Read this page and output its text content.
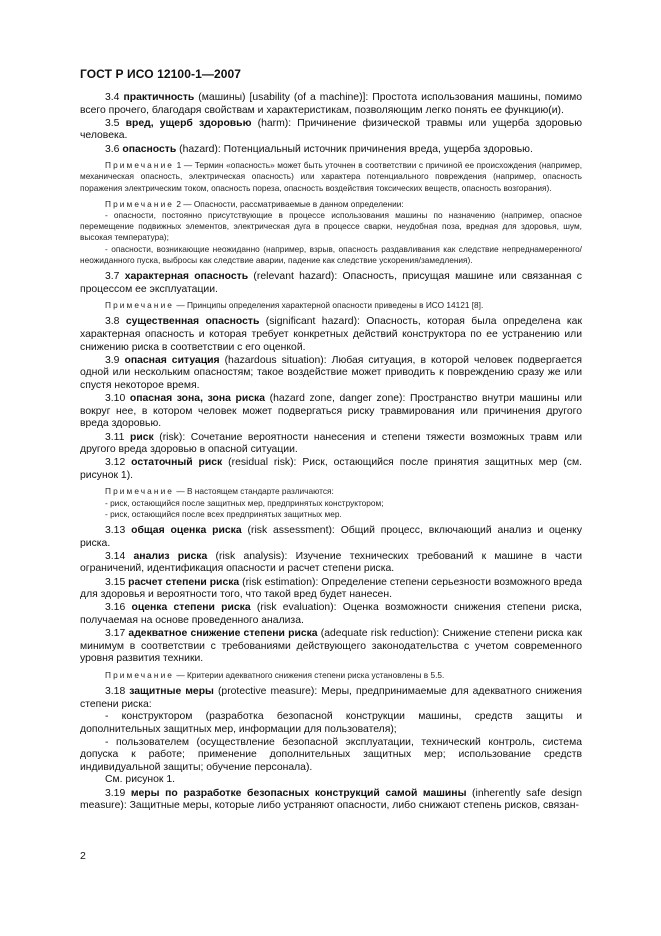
ГОСТ Р ИСО 12100-1—2007

3.4 практичность (машины) [usability (of a machine)]: Простота использования машины, помимо всего прочего, благодаря свойствам и характеристикам, позволяющим легко понять ее функцию(и).

3.5 вред, ущерб здоровью (harm): Причинение физической травмы или ущерба здоровью человека.

3.6 опасность (hazard): Потенциальный источник причинения вреда, ущерба здоровью.

Примечание 1 — Термин «опасность» может быть уточнен в соответствии с причиной ее происхождения (например, механическая опасность, электрическая опасность) или характера потенциального повреждения (например, опасность поражения электрическим током, опасность пореза, опасность воздействия токсических веществ, опасность возгорания).

Примечание 2 — Опасности, рассматриваемые в данном определении:
- опасности, постоянно присутствующие в процессе использования машины по назначению (например, опасное перемещение подвижных элементов, электрическая дуга в процессе сварки, неудобная поза, вредная для здоровья, шум, высокая температура);
- опасности, возникающие неожиданно (например, взрыв, опасность раздавливания как следствие непреднамеренного/неожиданного пуска, выбросы как следствие аварии, падение как следствие ускорения/замедления).

3.7 характерная опасность (relevant hazard): Опасность, присущая машине или связанная с процессом ее эксплуатации.

Примечание — Принципы определения характерной опасности приведены в ИСО 14121 [8].

3.8 существенная опасность (significant hazard): Опасность, которая была определена как характерная опасность и которая требует конкретных действий конструктора по ее устранению или снижению риска в соответствии с его оценкой.

3.9 опасная ситуация (hazardous situation): Любая ситуация, в которой человек подвергается одной или нескольким опасностям; такое воздействие может приводить к повреждению сразу же или спустя некоторое время.

3.10 опасная зона, зона риска (hazard zone, danger zone): Пространство внутри машины или вокруг нее, в котором человек может подвергаться риску травмирования или причинения другого вреда здоровью.

3.11 риск (risk): Сочетание вероятности нанесения и степени тяжести возможных травм или другого вреда здоровью в опасной ситуации.

3.12 остаточный риск (residual risk): Риск, остающийся после принятия защитных мер (см. рисунок 1).

Примечание — В настоящем стандарте различаются:
- риск, остающийся после защитных мер, предпринятых конструктором;
- риск, остающийся после всех предпринятых защитных мер.

3.13 общая оценка риска (risk assessment): Общий процесс, включающий анализ и оценку риска.

3.14 анализ риска (risk analysis): Изучение технических требований к машине в части ограничений, идентификация опасности и расчет степени риска.

3.15 расчет степени риска (risk estimation): Определение степени серьезности возможного вреда для здоровья и вероятности того, что такой вред будет нанесен.

3.16 оценка степени риска (risk evaluation): Оценка возможности снижения степени риска, получаемая на основе проведенного анализа.

3.17 адекватное снижение степени риска (adequate risk reduction): Снижение степени риска как минимум в соответствии с требованиями действующего законодательства с учетом современного уровня развития техники.

Примечание — Критерии адекватного снижения степени риска установлены в 5.5.

3.18 защитные меры (protective measure): Меры, предпринимаемые для адекватного снижения степени риска:
- конструктором (разработка безопасной конструкции машины, средств защиты и дополнительных защитных мер, информации для пользователя);
- пользователем (осуществление безопасной эксплуатации, технический контроль, система допуска к работе; применение дополнительных защитных мер; использование средств индивидуальной защиты; обучение персонала).
См. рисунок 1.

3.19 меры по разработке безопасных конструкций самой машины (inherently safe design measure): Защитные меры, которые либо устраняют опасности, либо снижают степень рисков, связан-

2
